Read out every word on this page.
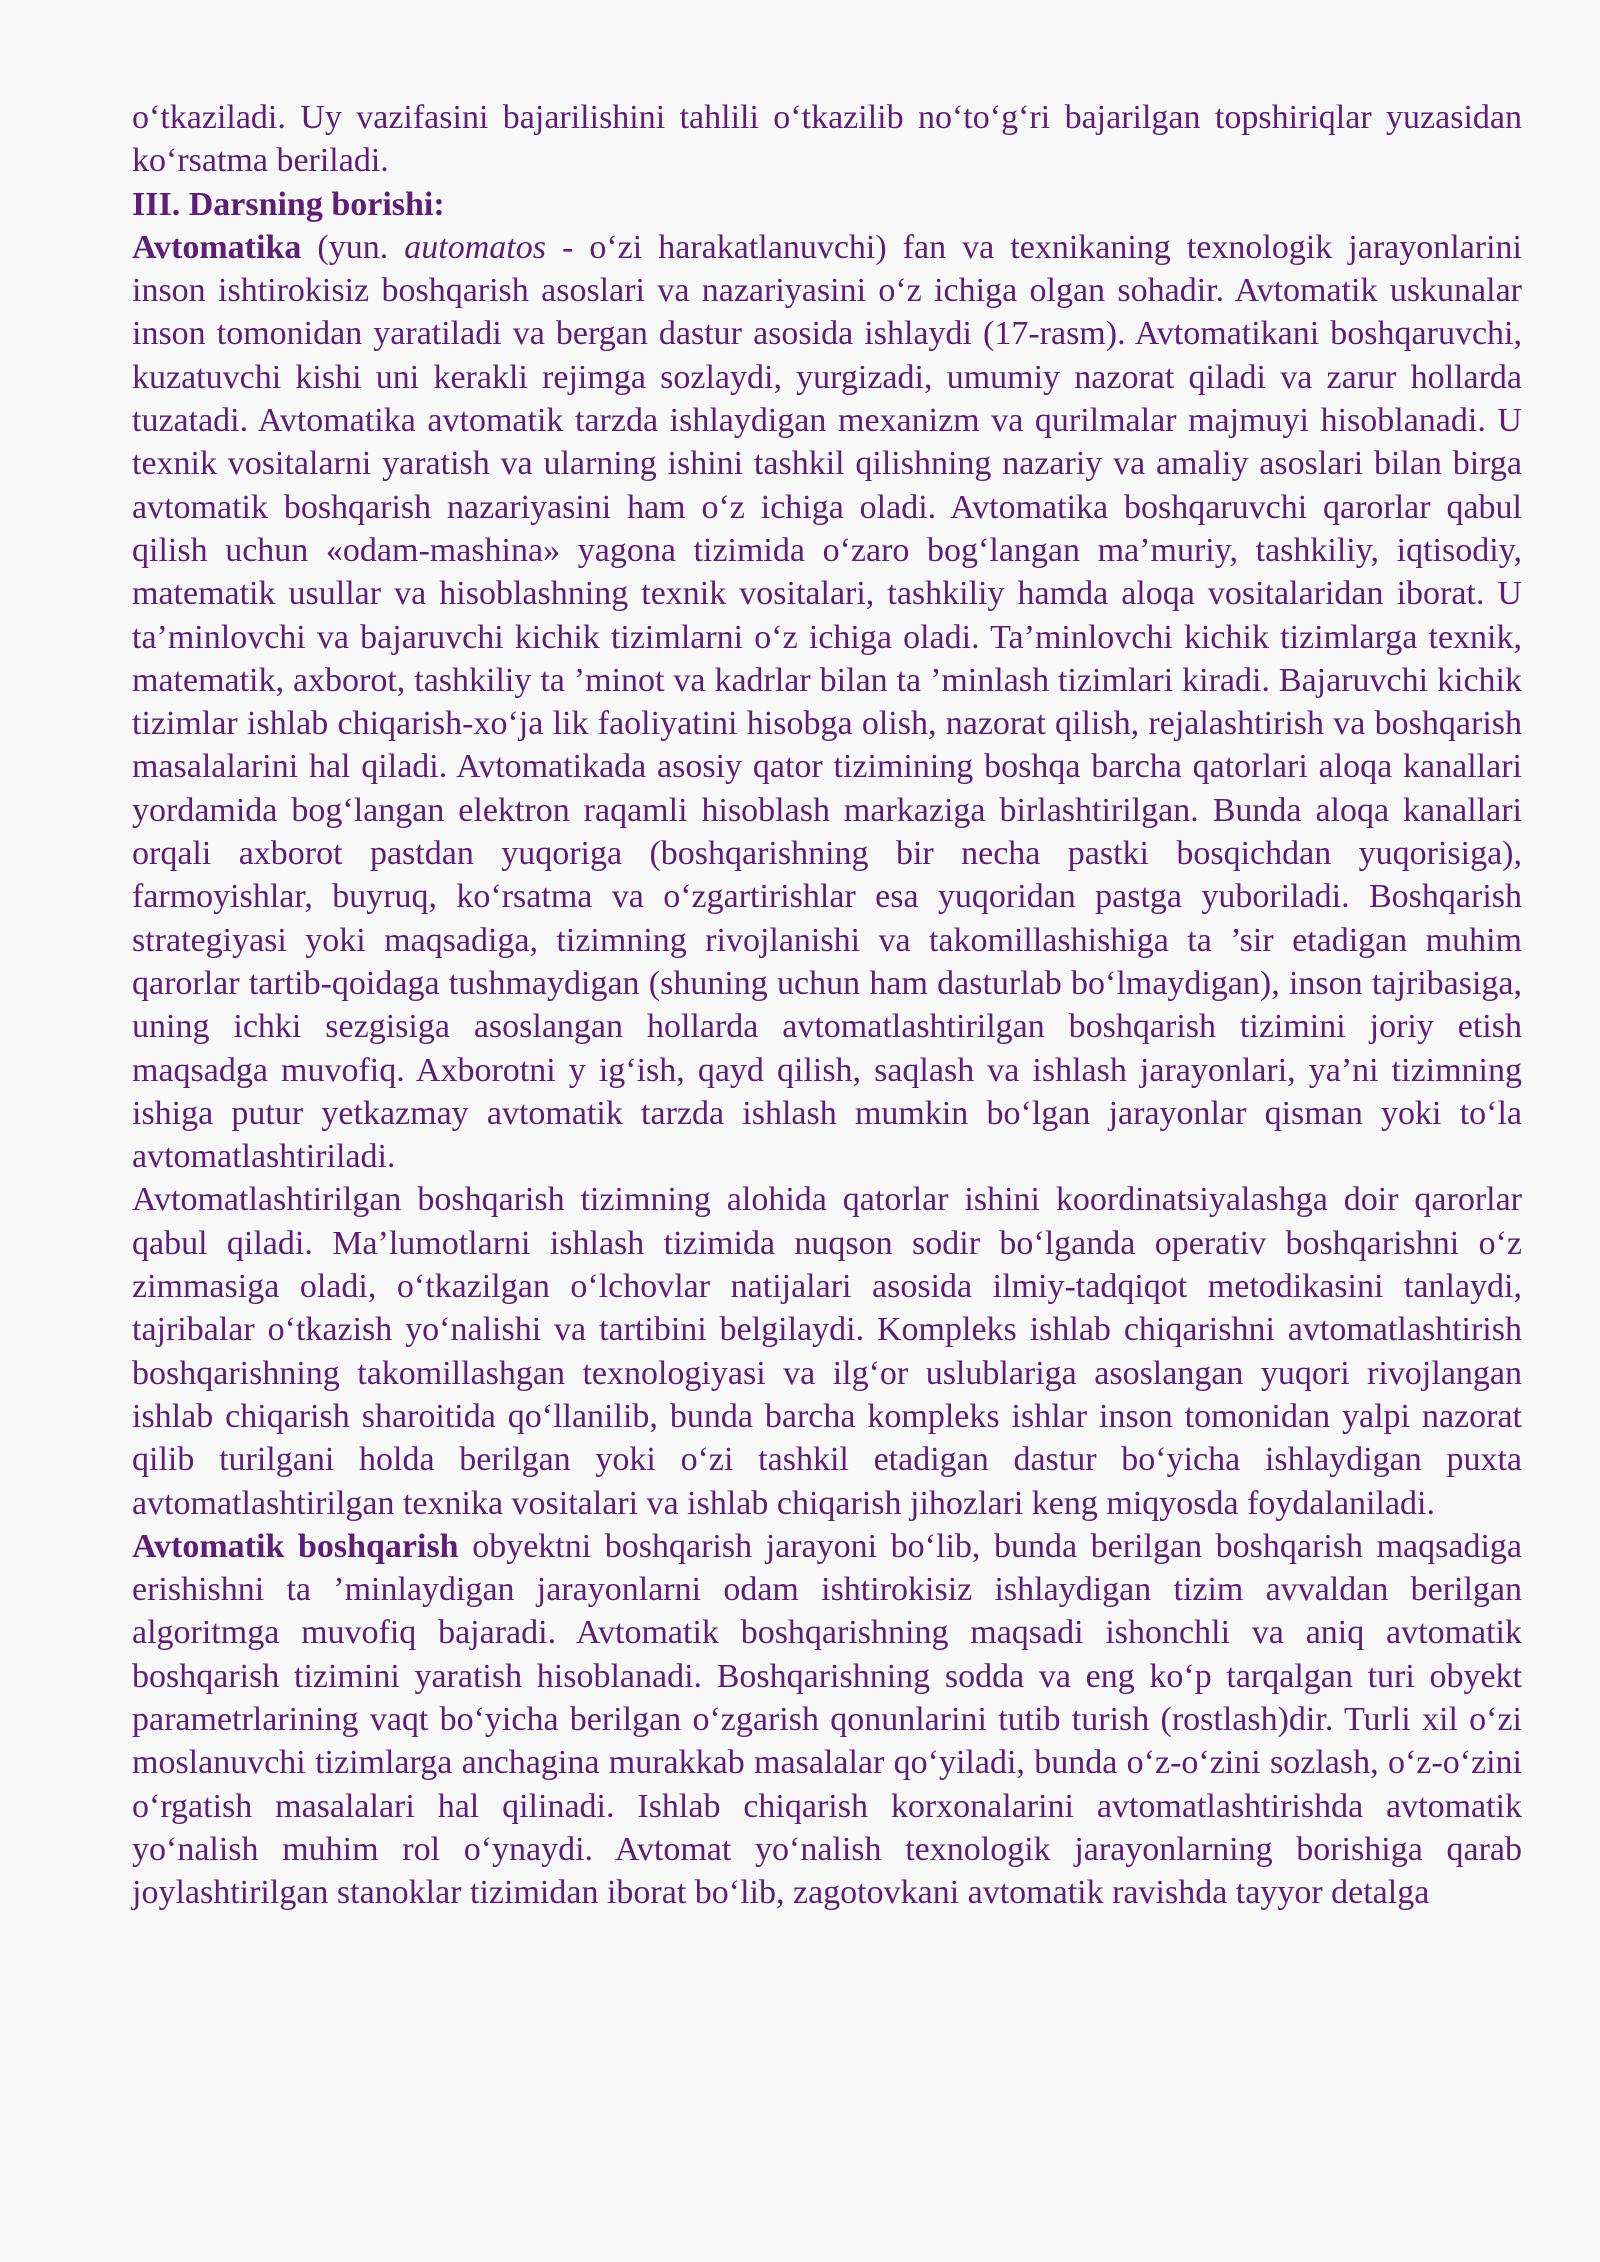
o‘tkaziladi. Uy vazifasini bajarilishini tahlili o‘tkazilib no‘to‘g‘ri bajarilgan topshiriqlar yuzasidan ko‘rsatma beriladi.

III. Darsning borishi:

Avtomatika (yun. automatos - o‘zi harakatlanuvchi) fan va texnikaning texnologik jarayonlarini inson ishtirokisiz boshqarish asoslari va nazariyasini o‘z ichiga olgan sohadir. Avtomatik uskunalar inson tomonidan yaratiladi va bergan dastur asosida ishlaydi (17-rasm). Avtomatikani boshqaruvchi, kuzatuvchi kishi uni kerakli rejimga sozlaydi, yurgizadi, umumiy nazorat qiladi va zarur hollarda tuzatadi. Avtomatika avtomatik tarzda ishlaydigan mexanizm va qurilmalar majmuyi hisoblanadi. U texnik vositalarni yaratish va ularning ishini tashkil qilishning nazariy va amaliy asoslari bilan birga avtomatik boshqarish nazariyasini ham o‘z ichiga oladi. Avtomatika boshqaruvchi qarorlar qabul qilish uchun «odam-mashina» yagona tizimida o‘zaro bog‘langan ma’muriy, tashkiliy, iqtisodiy, matematik usullar va hisoblashning texnik vositalari, tashkiliy hamda aloqa vositalaridan iborat. U ta’minlovchi va bajaruvchi kichik tizimlarni o‘z ichiga oladi. Ta’minlovchi kichik tizimlarga texnik, matematik, axborot, tashkiliy ta ’minot va kadrlar bilan ta ’minlash tizimlari kiradi. Bajaruvchi kichik tizimlar ishlab chiqarish-xo‘ja lik faoliyatini hisobga olish, nazorat qilish, rejalashtirish va boshqarish masalalarini hal qiladi. Avtomatikada asosiy qator tizimining boshqa barcha qatorlari aloqa kanallari yordamida bog‘langan elektron raqamli hisoblash markaziga birlashtirilgan. Bunda aloqa kanallari orqali axborot pastdan yuqoriga (boshqarishning bir necha pastki bosqichdan yuqorisiga), farmoyishlar, buyruq, ko‘rsatma va o‘zgartirishlar esa yuqoridan pastga yuboriladi. Boshqarish strategiyasi yoki maqsadiga, tizimning rivojlanishi va takomillashishiga ta ’sir etadigan muhim qarorlar tartib-qoidaga tushmaydigan (shuning uchun ham dasturlab bo‘lmaydigan), inson tajribasiga, uning ichki sezgisiga asoslangan hollarda avtomatlashtirilgan boshqarish tizimini joriy etish maqsadga muvofiq. Axborotni y ig‘ish, qayd qilish, saqlash va ishlash jarayonlari, ya’ni tizimning ishiga putur yetkazmay avtomatik tarzda ishlash mumkin bo‘lgan jarayonlar qisman yoki to‘la avtomatlashtiriladi.

Avtomatlashtirilgan boshqarish tizimning alohida qatorlar ishini koordinatsiyalashga doir qarorlar qabul qiladi. Ma’lumotlarni ishlash tizimida nuqson sodir bo‘lganda operativ boshqarishni o‘z zimmasiga oladi, o‘tkazilgan o‘lchovlar natijalari asosida ilmiy-tadqiqot metodikasini tanlaydi, tajribalar o‘tkazish yo‘nalishi va tartibini belgilaydi. Kompleks ishlab chiqarishni avtomatlashtirish boshqarishning takomillashgan texnologiyasi va ilg‘or uslublariga asoslangan yuqori rivojlangan ishlab chiqarish sharoitida qo‘llanilib, bunda barcha kompleks ishlar inson tomonidan yalpi nazorat qilib turilgani holda berilgan yoki o‘zi tashkil etadigan dastur bo‘yicha ishlaydigan puxta avtomatlashtirilgan texnika vositalari va ishlab chiqarish jihozlari keng miqyosda foydalaniladi.

Avtomatik boshqarish obyektni boshqarish jarayoni bo‘lib, bunda berilgan boshqarish maqsadiga erishishni ta ’minlaydigan jarayonlarni odam ishtirokisiz ishlaydigan tizim avvaldan berilgan algoritmga muvofiq bajaradi. Avtomatik boshqarishning maqsadi ishonchli va aniq avtomatik boshqarish tizimini yaratish hisoblanadi. Boshqarishning sodda va eng ko‘p tarqalgan turi obyekt parametrlarining vaqt bo‘yicha berilgan o‘zgarish qonunlarini tutib turish (rostlash)dir. Turli xil o‘zi moslanuvchi tizimlarga anchagina murakkab masalalar qo‘yiladi, bunda o‘z-o‘zini sozlash, o‘z-o‘zini o‘rgatish masalalari hal qilinadi. Ishlab chiqarish korxonalarini avtomatlashtirishda avtomatik yo‘nalish muhim rol o‘ynaydi. Avtomat yo‘nalish texnologik jarayonlarning borishiga qarab joylashtirilgan stanoklar tizimidan iborat bo‘lib, zagotovkani avtomatik ravishda tayyor detalga
